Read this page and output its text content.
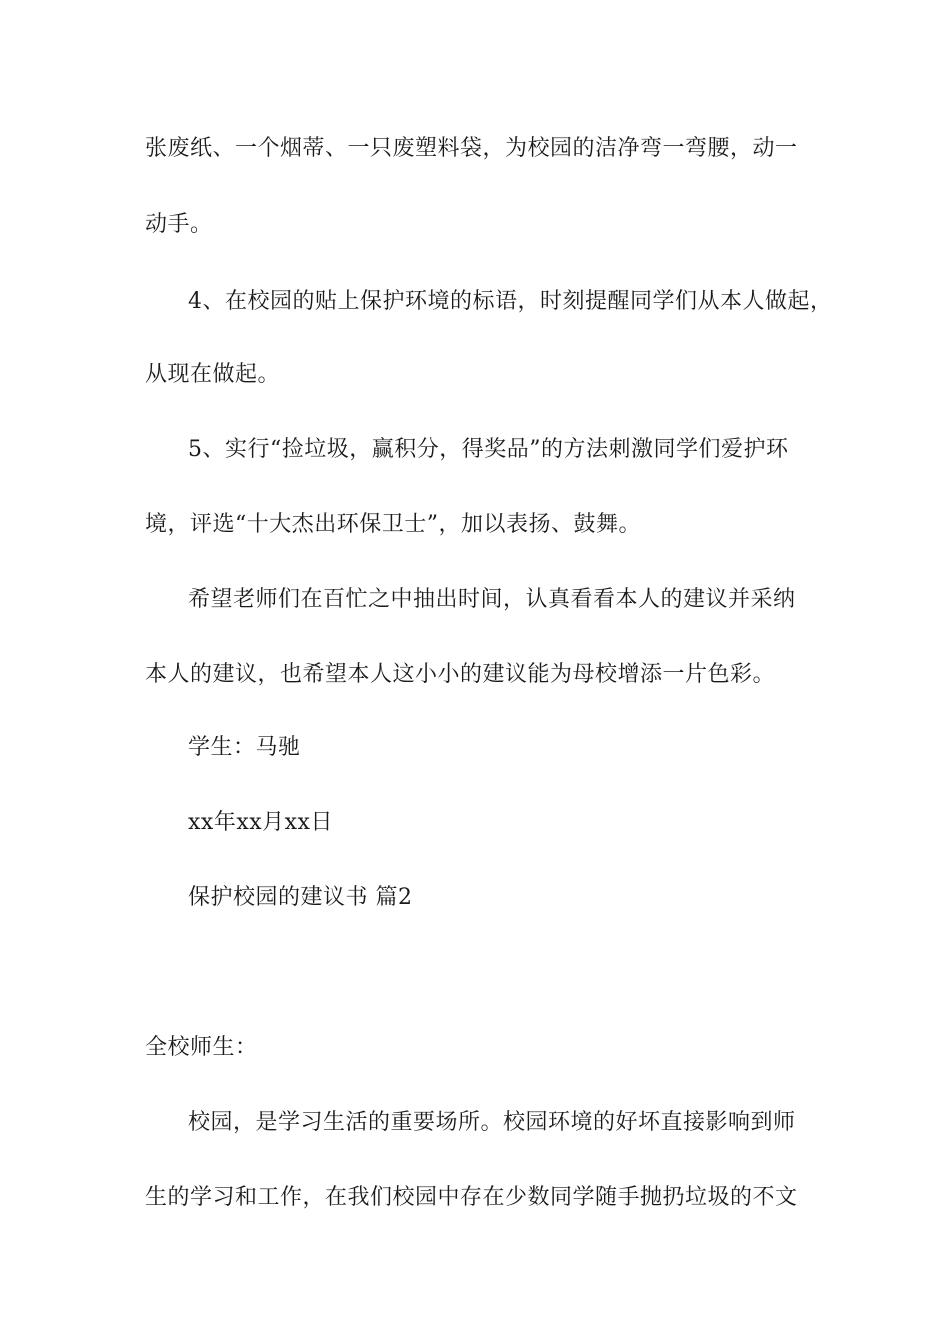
张废纸、一个烟蒂、一只废塑料袋，为校园的洁净弯一弯腰，动一
动手。
4、在校园的贴上保护环境的标语，时刻提醒同学们从本人做起，
从现在做起。
5、实行“捡垃圾，赢积分，得奖品”的方法刺激同学们爱护环
境，评选“十大杰出环保卫士”，加以表扬、鼓舞。
希望老师们在百忙之中抽出时间，认真看看本人的建议并采纳
本人的建议，也希望本人这小小的建议能为母校增添一片色彩。
学生：马驰
xx年xx月xx日
保护校园的建议书 篇2
全校师生：
校园，是学习生活的重要场所。校园环境的好坏直接影响到师
生的学习和工作，在我们校园中存在少数同学随手抛扔垃圾的不文
